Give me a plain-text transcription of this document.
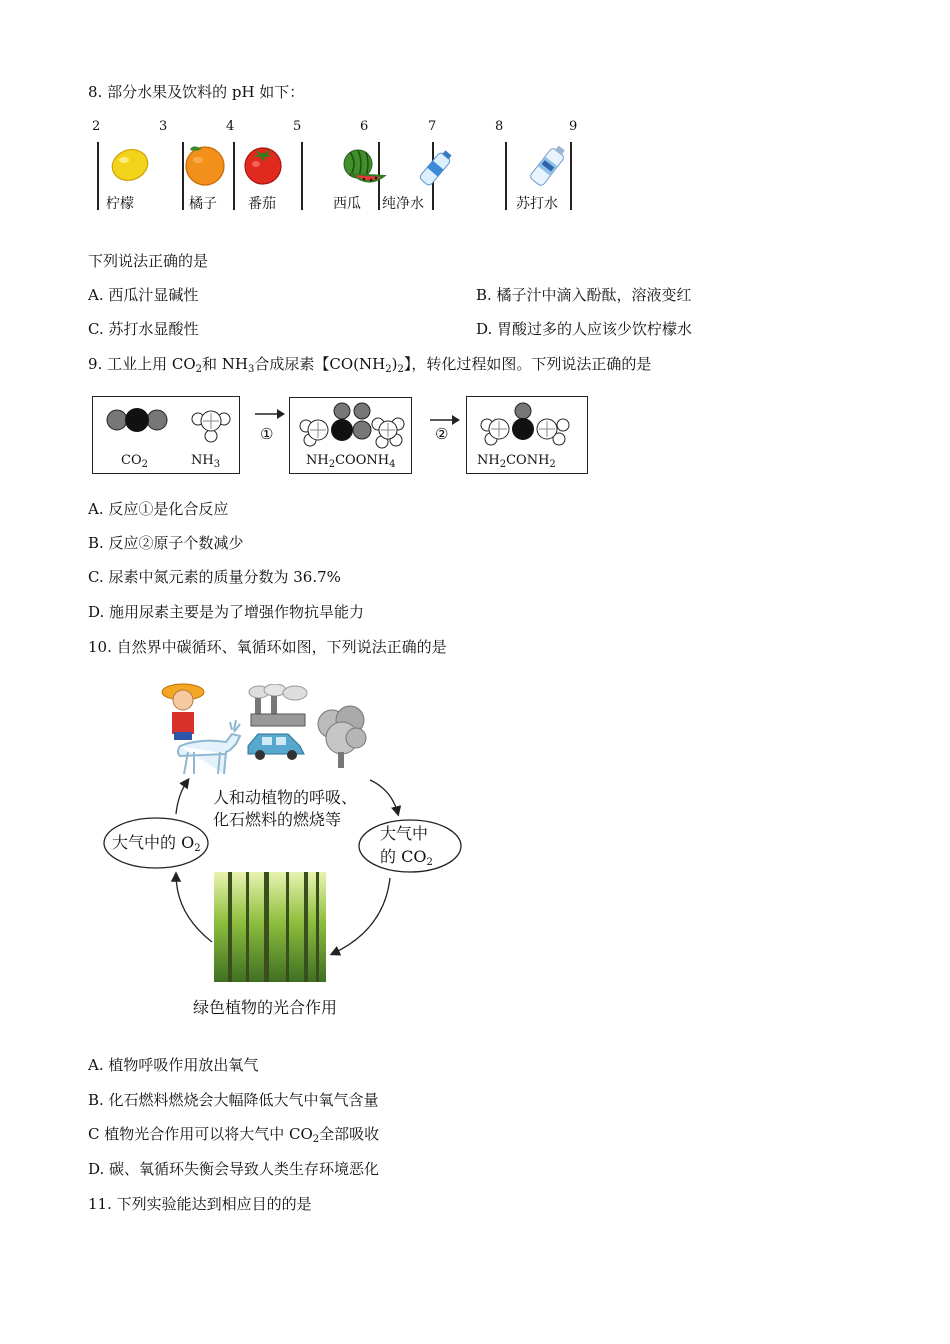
8. 部分水果及饮料的 pH 如下：
2	3	4	5	6	7	8	9
柠檬	橘子 番茄	西瓜 纯净水	苏打水
下列说法正确的是
A. 西瓜汁显碱性	B. 橘子汁中滴入酚酞，溶液变红
C. 苏打水显酸性	D. 胃酸过多的人应该少饮柠檬水
9. 工业上用 $CO_2$和 $NH_3$合成尿素【$CO(NH_2)_2$】，转化过程如图。下列说法正确的是
$CO_2$	$NH_3$
①
$NH_2COONH_4$
②
$NH_2CONH_2$
A. 反应①是化合反应
B. 反应②原子个数减少
C. 尿素中氮元素的质量分数为 36.7%
D. 施用尿素主要是为了增强作物抗旱能力
10. 自然界中碳循环、氧循环如图，下列说法正确的是
人和动植物的呼吸、
化石燃料的燃烧等
大气中的 $O_2$
大气中
的 $CO_2$
绿色植物的光合作用
A. 植物呼吸作用放出氧气
B. 化石燃料燃烧会大幅降低大气中氧气含量
C 植物光合作用可以将大气中 $CO_2$全部吸收
D. 碳、氧循环失衡会导致人类生存环境恶化
11. 下列实验能达到相应目的的是
